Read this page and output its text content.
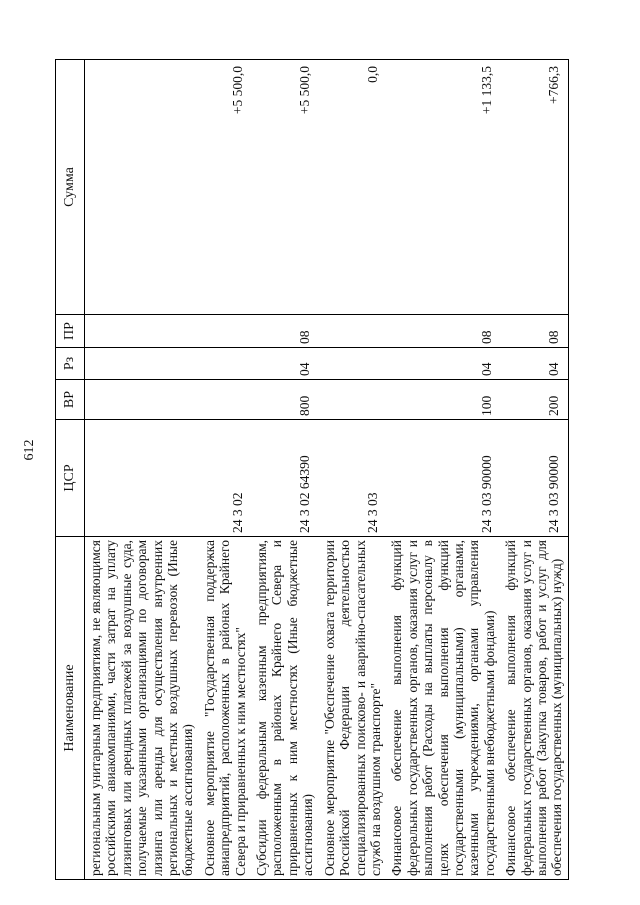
612
Наименование	ЦСР	ВР	Рз	ПР	Сумма
региональным унитарным предприятиям, не являющимся российскими авиакомпаниями, части затрат на уплату лизинговых или арендных платежей за воздушные суда, получаемые указанными организациями по договорам лизинга или аренды для осуществления внутренних региональных и местных воздушных перевозок (Иные бюджетные ассигнования)					
Основное мероприятие "Государственная поддержка авиапредприятий, расположенных в районах Крайнего Севера и приравненных к ним местностях"	24 3 02				+5 500,0
Субсидии федеральным казенным предприятиям, расположенным в районах Крайнего Севера и приравненных к ним местностях (Иные бюджетные ассигнования)	24 3 02 64390	800	04	08	+5 500,0
Основное мероприятие "Обеспечение охвата территории Российской Федерации деятельностью специализированных поисково- и аварийно-спасательных служб на воздушном транспорте"	24 3 03				0,0
Финансовое обеспечение выполнения функций федеральных государственных органов, оказания услуг и выполнения работ (Расходы на выплаты персоналу в целях обеспечения выполнения функций государственными (муниципальными) органами, казенными учреждениями, органами управления государственными внебюджетными фондами)	24 3 03 90000	100	04	08	+1 133,5
Финансовое обеспечение выполнения функций федеральных государственных органов, оказания услуг и выполнения работ (Закупка товаров, работ и услуг для обеспечения государственных (муниципальных) нужд)	24 3 03 90000	200	04	08	+766,3
